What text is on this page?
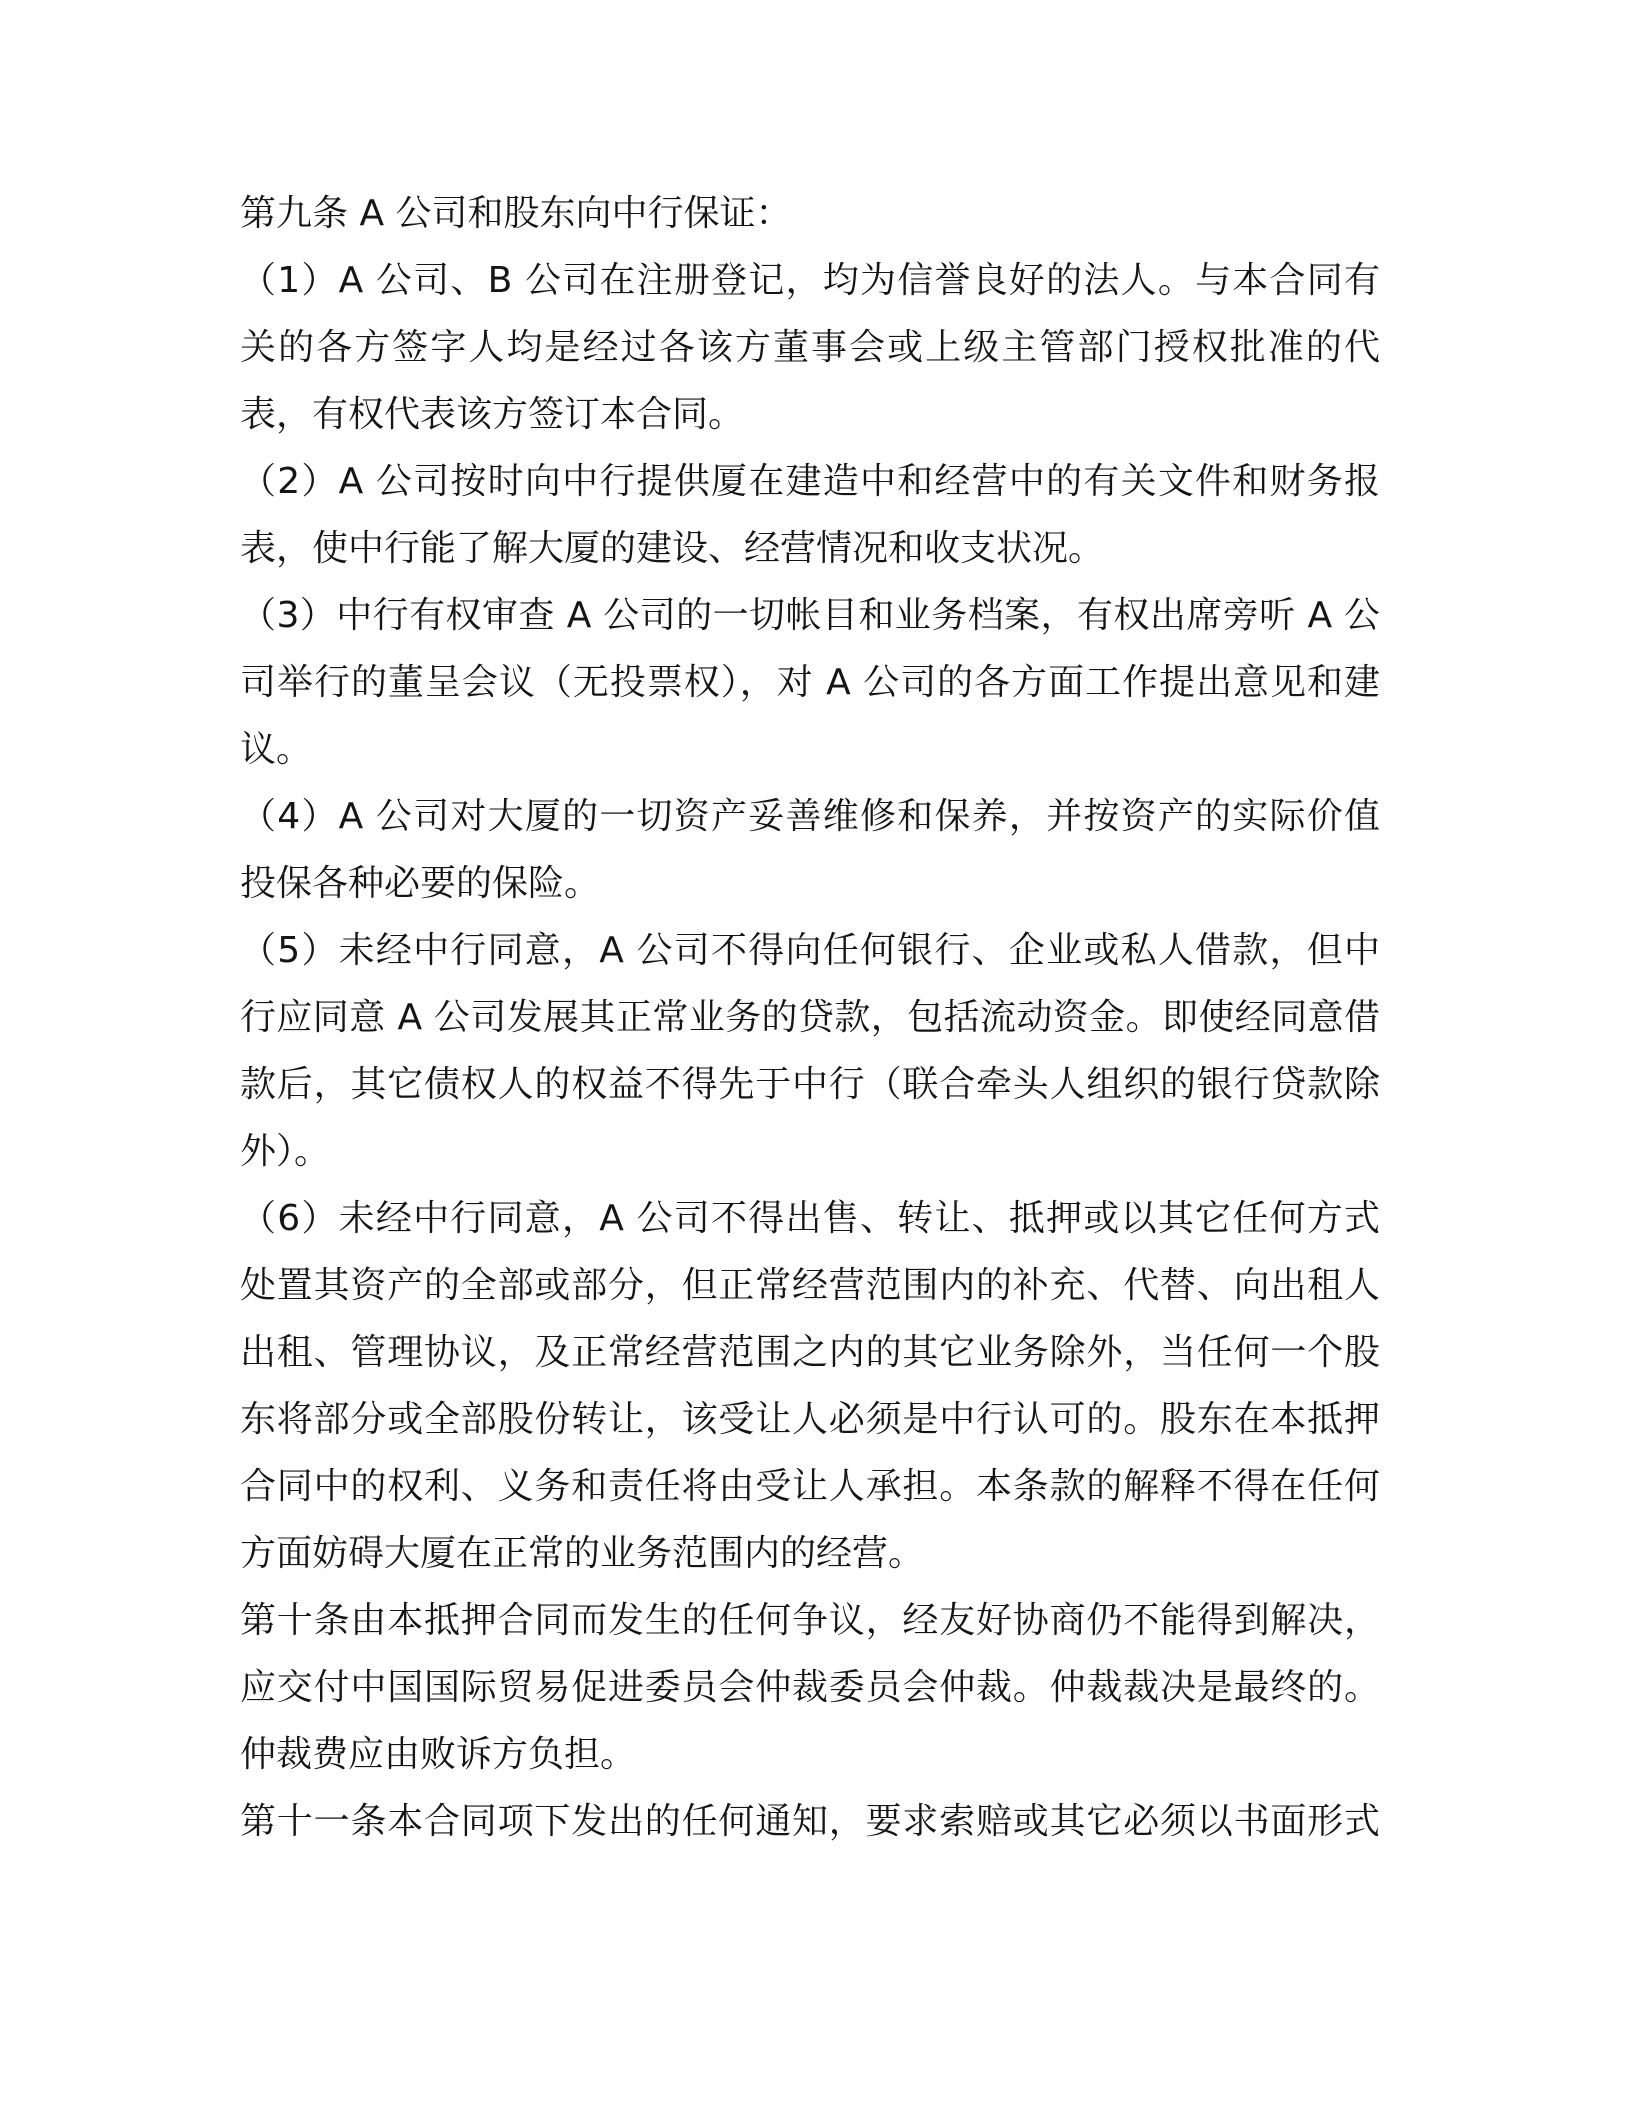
第九条 A 公司和股东向中行保证：
（1）A 公司、B 公司在注册登记，均为信誉良好的法人。与本合同有
关的各方签字人均是经过各该方董事会或上级主管部门授权批准的代
表，有权代表该方签订本合同。
（2）A 公司按时向中行提供厦在建造中和经营中的有关文件和财务报
表，使中行能了解大厦的建设、经营情况和收支状况。
（3）中行有权审查 A 公司的一切帐目和业务档案，有权出席旁听 A 公
司举行的董呈会议（无投票权），对 A 公司的各方面工作提出意见和建
议。
（4）A 公司对大厦的一切资产妥善维修和保养，并按资产的实际价值
投保各种必要的保险。
（5）未经中行同意，A 公司不得向任何银行、企业或私人借款，但中
行应同意 A 公司发展其正常业务的贷款，包括流动资金。即使经同意借
款后，其它债权人的权益不得先于中行（联合牵头人组织的银行贷款除
外）。
（6）未经中行同意，A 公司不得出售、转让、抵押或以其它任何方式
处置其资产的全部或部分，但正常经营范围内的补充、代替、向出租人
出租、管理协议，及正常经营范围之内的其它业务除外，当任何一个股
东将部分或全部股份转让，该受让人必须是中行认可的。股东在本抵押
合同中的权利、义务和责任将由受让人承担。本条款的解释不得在任何
方面妨碍大厦在正常的业务范围内的经营。
第十条由本抵押合同而发生的任何争议，经友好协商仍不能得到解决，
应交付中国国际贸易促进委员会仲裁委员会仲裁。仲裁裁决是最终的。
仲裁费应由败诉方负担。
第十一条本合同项下发出的任何通知，要求索赔或其它必须以书面形式
